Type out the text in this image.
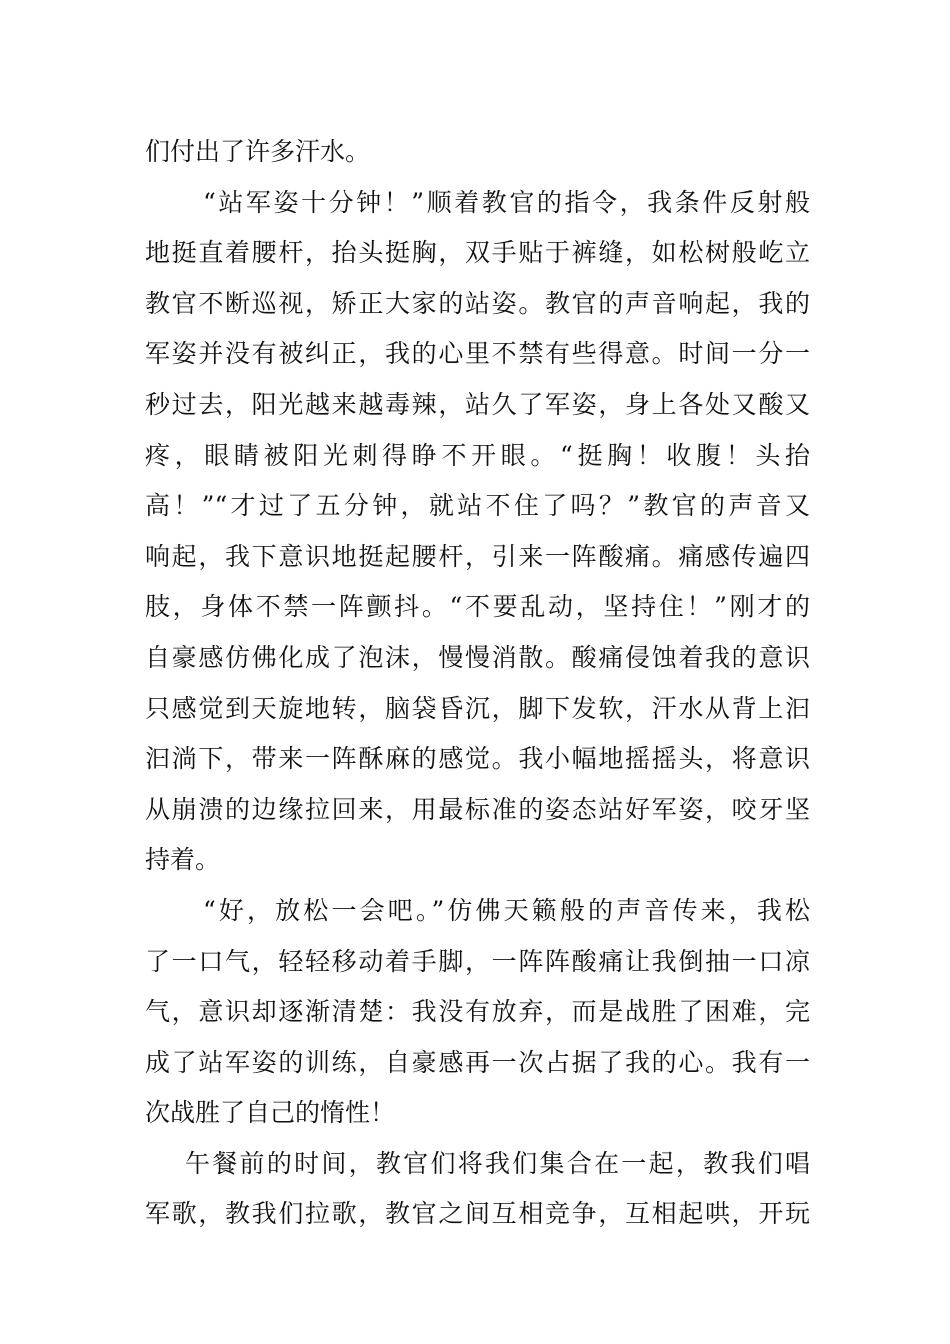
们付出了许多汗水。
“站军姿十分钟！”顺着教官的指令，我条件反射般
地挺直着腰杆，抬头挺胸，双手贴于裤缝，如松树般屹立
教官不断巡视，矫正大家的站姿。教官的声音响起，我的
军姿并没有被纠正，我的心里不禁有些得意。时间一分一
秒过去，阳光越来越毒辣，站久了军姿，身上各处又酸又
疼，眼睛被阳光刺得睁不开眼。“挺胸！收腹！头抬
高！”“才过了五分钟，就站不住了吗？”教官的声音又
响起，我下意识地挺起腰杆，引来一阵酸痛。痛感传遍四
肢，身体不禁一阵颤抖。“不要乱动，坚持住！”刚才的
自豪感仿佛化成了泡沫，慢慢消散。酸痛侵蚀着我的意识
只感觉到天旋地转，脑袋昏沉，脚下发软，汗水从背上汩
汩淌下，带来一阵酥麻的感觉。我小幅地摇摇头，将意识
从崩溃的边缘拉回来，用最标准的姿态站好军姿，咬牙坚
持着。
“好，放松一会吧。”仿佛天籁般的声音传来，我松
了一口气，轻轻移动着手脚，一阵阵酸痛让我倒抽一口凉
气，意识却逐渐清楚：我没有放弃，而是战胜了困难，完
成了站军姿的训练，自豪感再一次占据了我的心。我有一
次战胜了自己的惰性！
午餐前的时间，教官们将我们集合在一起，教我们唱
军歌，教我们拉歌，教官之间互相竞争，互相起哄，开玩
